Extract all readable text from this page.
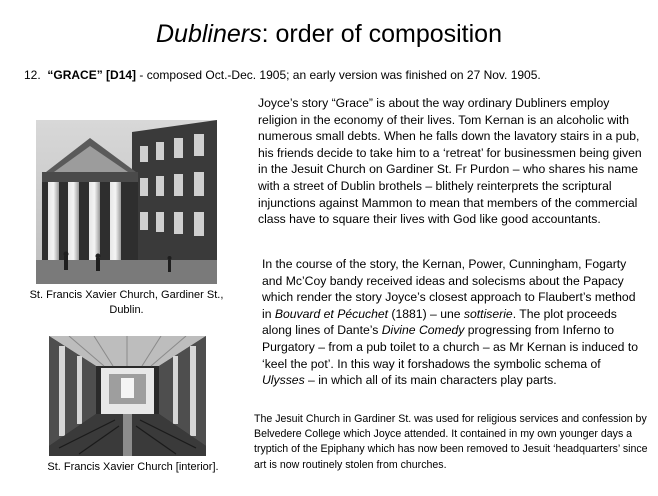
Dubliners: order of composition
12. “GRACE” [D14] - composed Oct.-Dec. 1905; an early version was finished on 27 Nov. 1905.
Joyce’s story “Grace” is about the way ordinary Dubliners employ religion in the economy of their lives. Tom Kernan is an alcoholic with numerous small debts. When he falls down the lavatory stairs in a pub, his friends decide to take him to a ‘retreat’ for businessmen being given in the Jesuit Church on Gardiner St. Fr Purdon – who shares his name with a street of Dublin brothels – blithely reinterprets the scriptural injunctions against Mammon to mean that members of the commercial class have to square their lives with God like good accountants.
In the course of the story, the Kernan, Power, Cunningham, Fogarty and Mc’Coy bandy received ideas and solecisms about the Papacy which render the story Joyce’s closest approach to Flaubert’s method in Bouvard et Pécuchet (1881) – une sottiserie. The plot proceeds along lines of Dante’s Divine Comedy progressing from Inferno to Purgatory – from a pub toilet to a church – as Mr Kernan is induced to ‘keel the pot’. In this way it forshadows the symbolic schema of Ulysses – in which all of its main characters play parts.
The Jesuit Church in Gardiner St. was used for religious services and confession by Belvedere College which Joyce attended. It contained in my own younger days a tryptich of the Epiphany which has now been removed to Jesuit ‘headquarters’ since art is now routinely stolen from churches.
St. Francis Xavier Church, Gardiner St., Dublin.
St. Francis Xavier Church [interior].
